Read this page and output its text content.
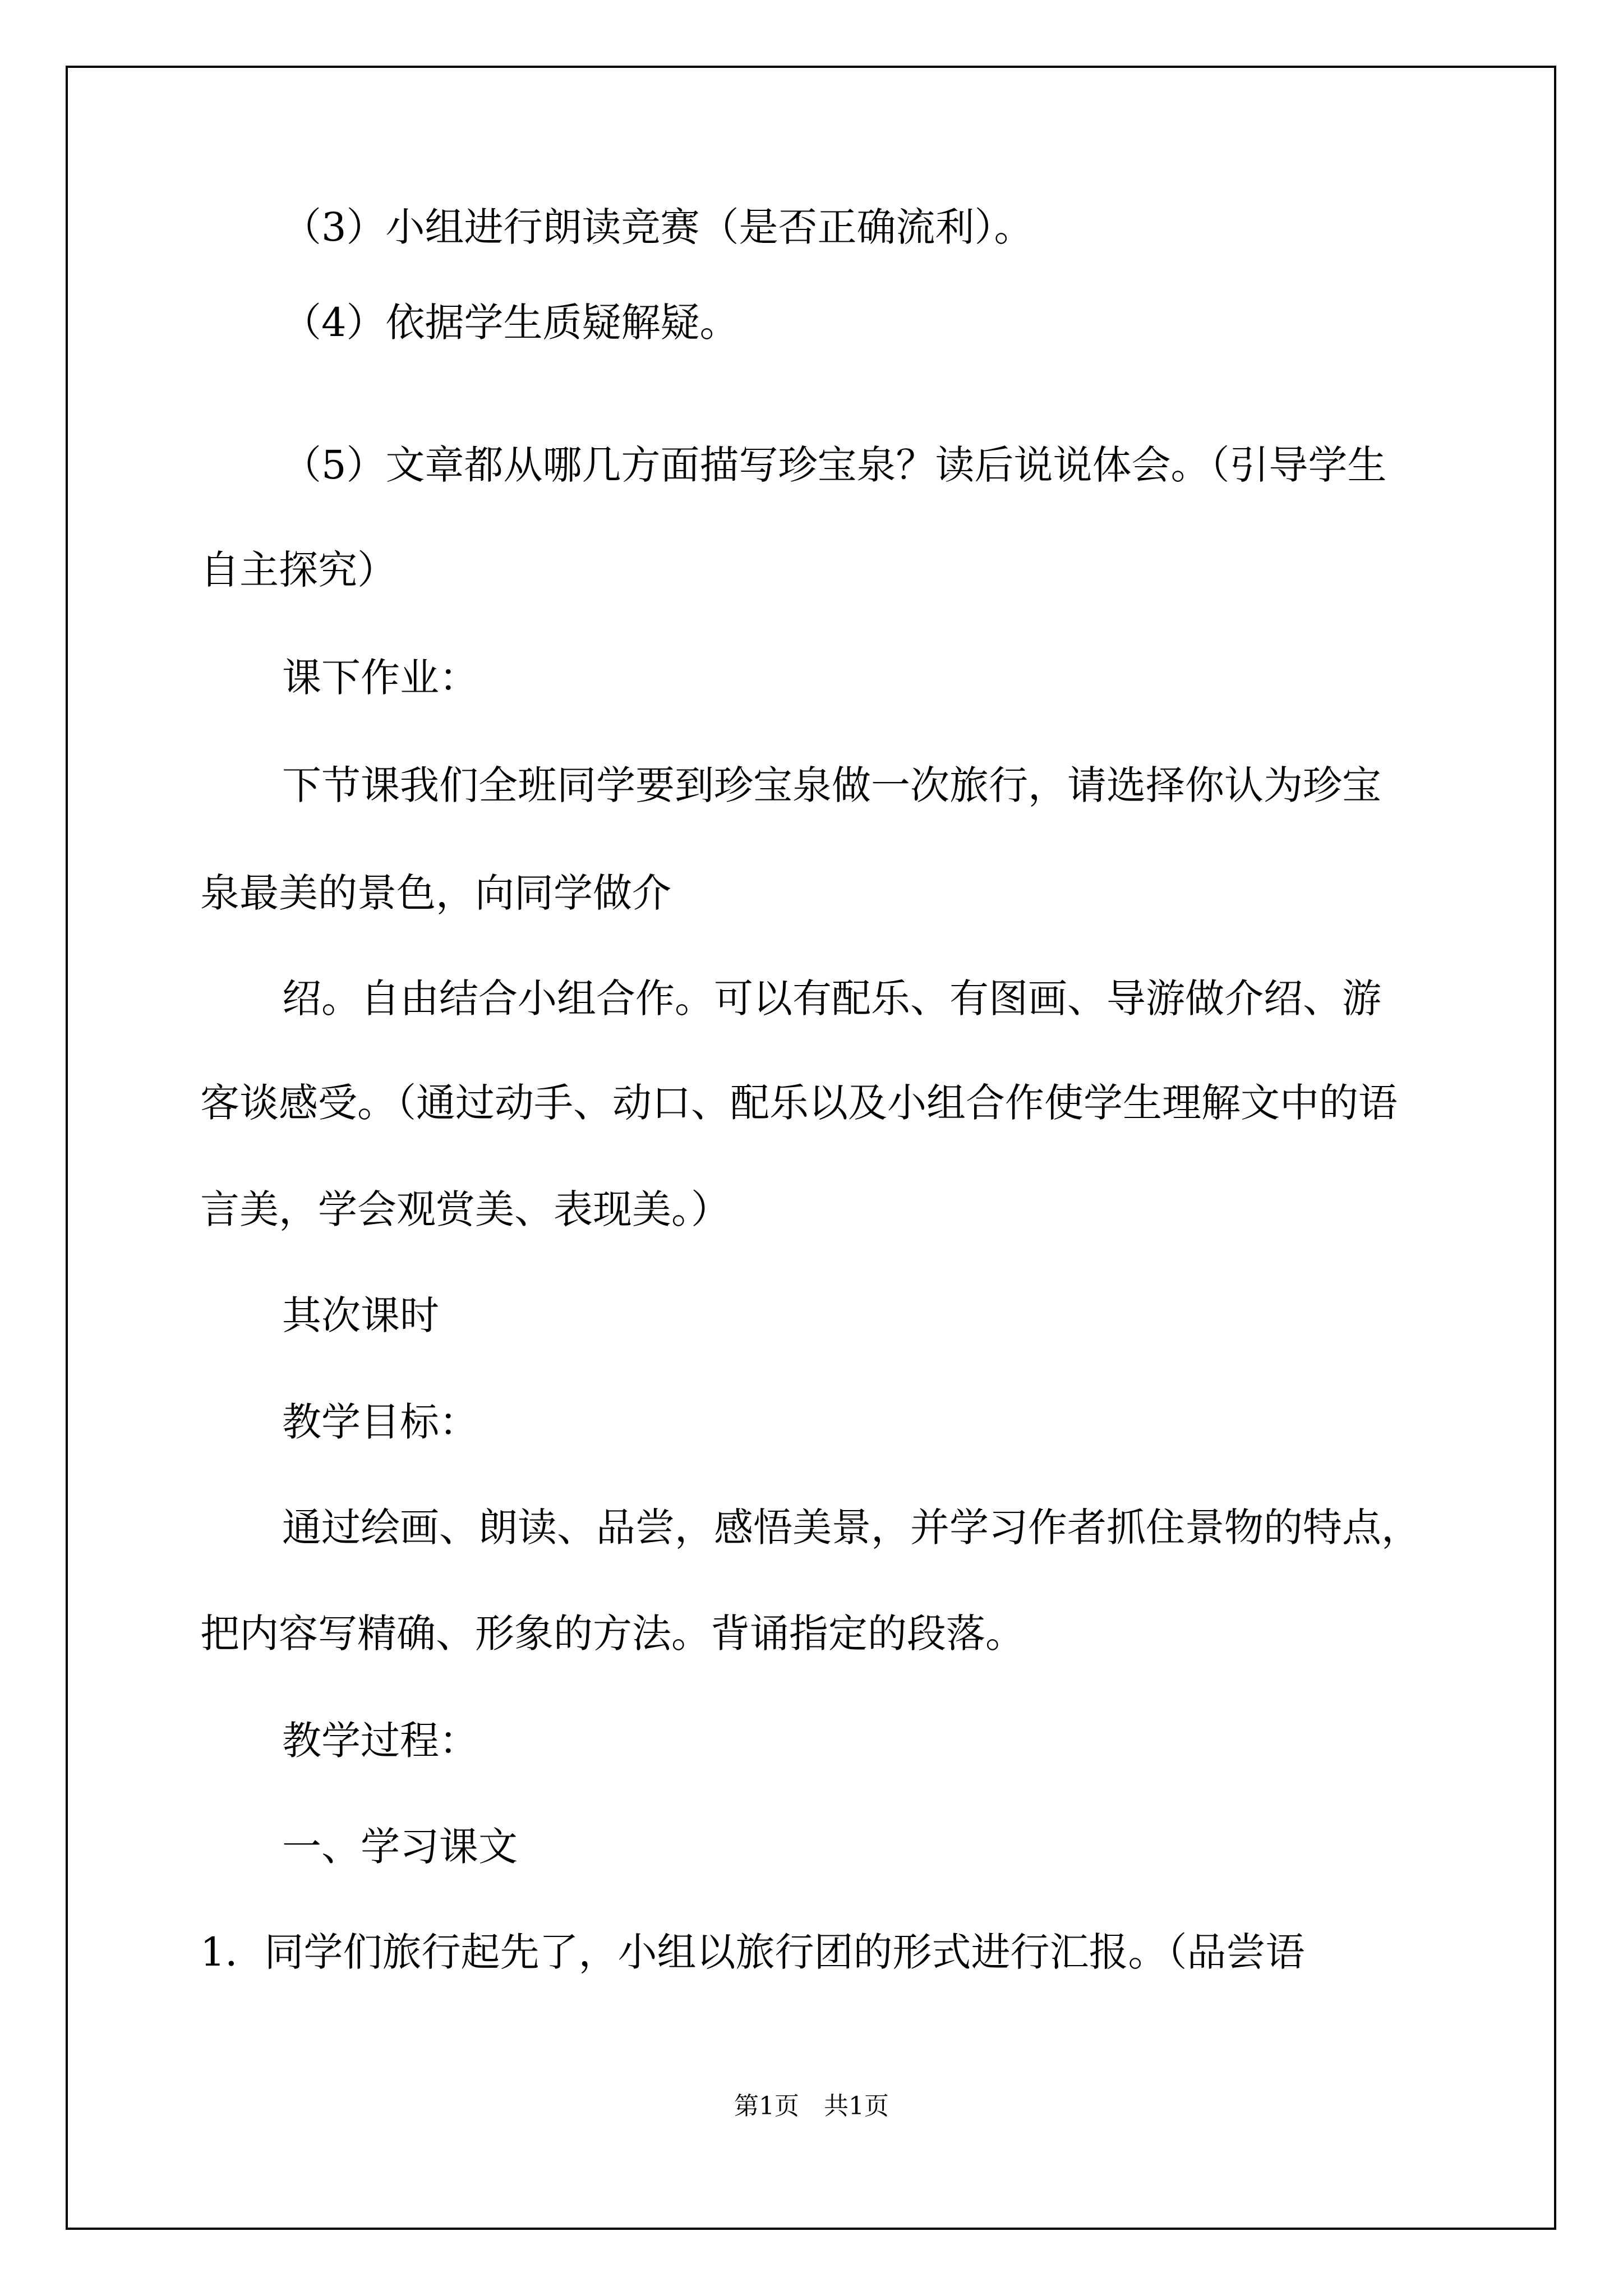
（3）小组进行朗读竞赛（是否正确流利）。
（4）依据学生质疑解疑。
（5）文章都从哪几方面描写珍宝泉？读后说说体会。（引导学生
自主探究）
课下作业：
下节课我们全班同学要到珍宝泉做一次旅行，请选择你认为珍宝
泉最美的景色，向同学做介
绍。自由结合小组合作。可以有配乐、有图画、导游做介绍、游
客谈感受。（通过动手、动口、配乐以及小组合作使学生理解文中的语
言美，学会观赏美、表现美。）
其次课时
教学目标：
通过绘画、朗读、品尝，感悟美景，并学习作者抓住景物的特点，
把内容写精确、形象的方法。背诵指定的段落。
教学过程：
一、学习课文
1．同学们旅行起先了，小组以旅行团的形式进行汇报。（品尝语
第1页　共1页
